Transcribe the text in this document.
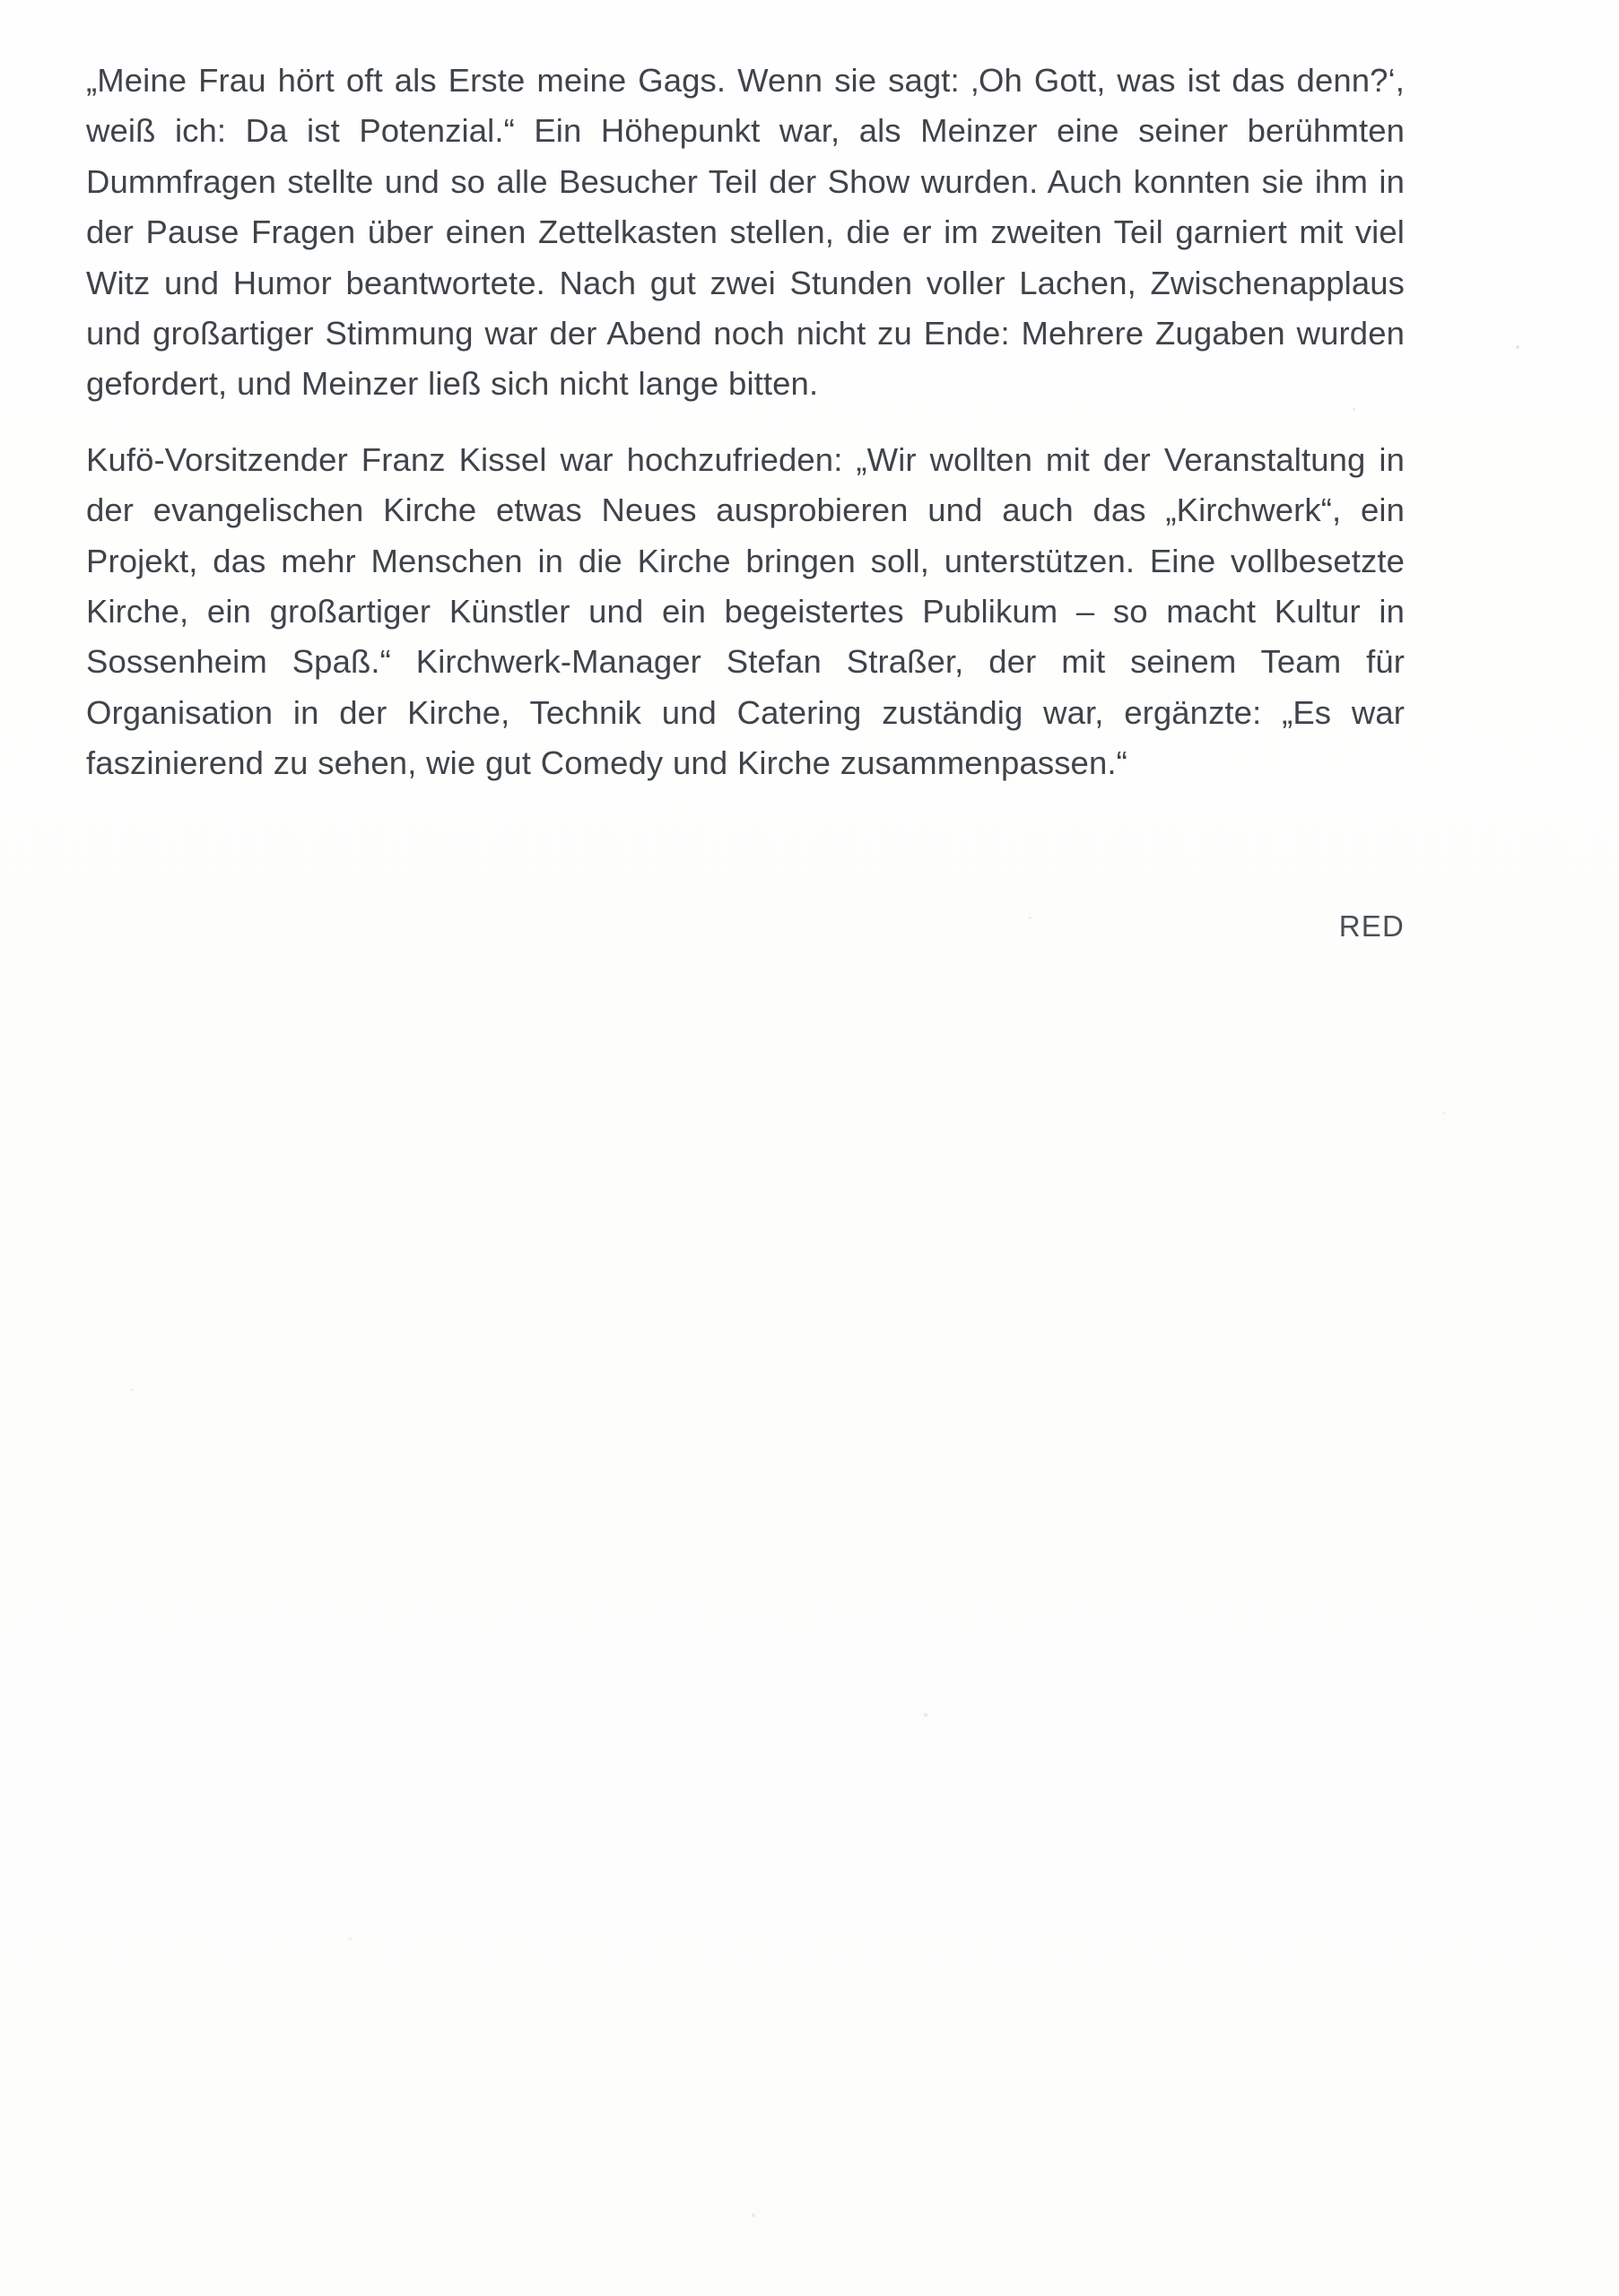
„Meine Frau hört oft als Erste meine Gags. Wenn sie sagt: ‚Oh Gott, was ist das denn?‘, weiß ich: Da ist Potenzial.“ Ein Höhepunkt war, als Meinzer eine seiner berühmten Dummfragen stellte und so alle Besucher Teil der Show wurden. Auch konnten sie ihm in der Pause Fragen über einen Zettelkasten stellen, die er im zweiten Teil garniert mit viel Witz und Humor beantwortete. Nach gut zwei Stunden voller Lachen, Zwischenapplaus und großartiger Stimmung war der Abend noch nicht zu Ende: Mehrere Zugaben wurden gefordert, und Meinzer ließ sich nicht lange bitten.

Kufö-Vorsitzender Franz Kissel war hochzufrieden: „Wir wollten mit der Veranstaltung in der evangelischen Kirche etwas Neues ausprobieren und auch das „Kirchwerk“, ein Projekt, das mehr Menschen in die Kirche bringen soll, unterstützen. Eine vollbesetzte Kirche, ein großartiger Künstler und ein begeistertes Publikum – so macht Kultur in Sossenheim Spaß.“ Kirchwerk-Manager Stefan Straßer, der mit seinem Team für Organisation in der Kirche, Technik und Catering zuständig war, ergänzte: „Es war faszinierend zu sehen, wie gut Comedy und Kirche zusammenpassen.“

RED
